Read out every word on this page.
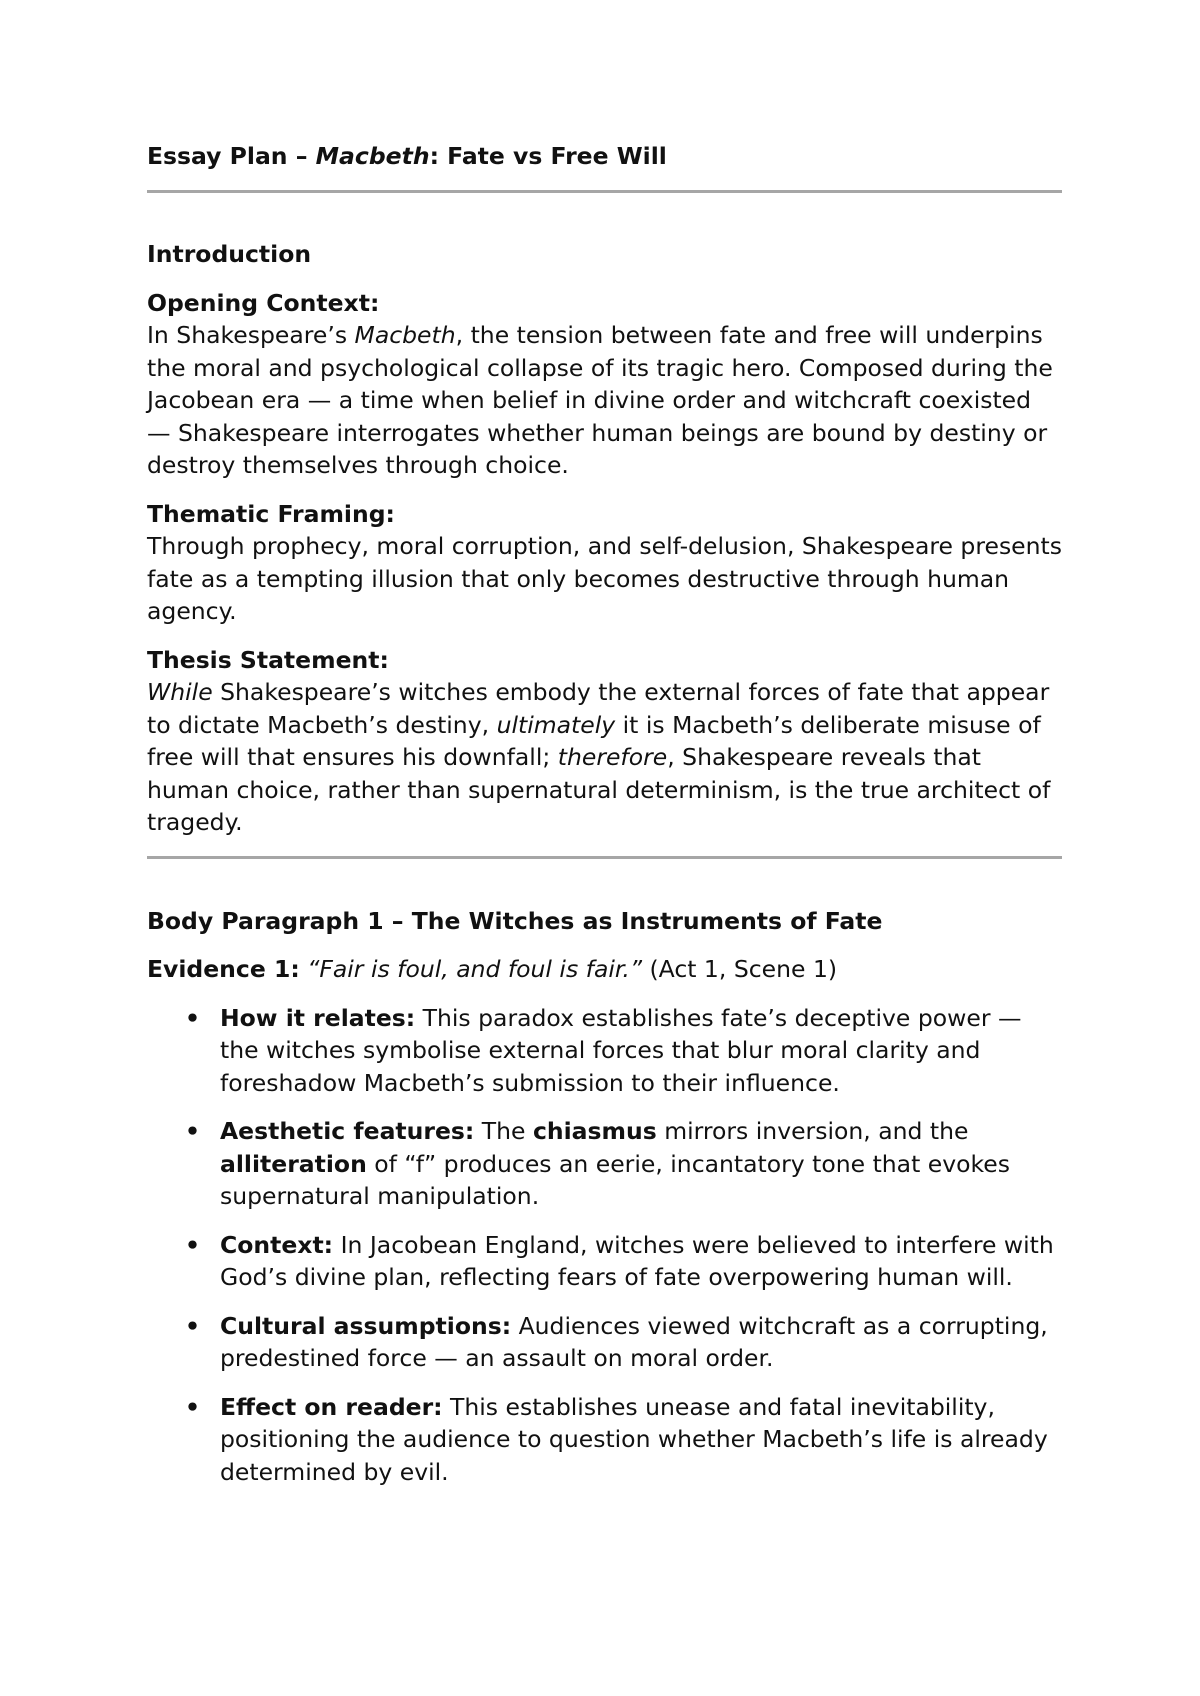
Essay Plan – Macbeth: Fate vs Free Will

Introduction

Opening Context:
In Shakespeare’s Macbeth, the tension between fate and free will underpins the moral and psychological collapse of its tragic hero. Composed during the Jacobean era — a time when belief in divine order and witchcraft coexisted — Shakespeare interrogates whether human beings are bound by destiny or destroy themselves through choice.

Thematic Framing:
Through prophecy, moral corruption, and self-delusion, Shakespeare presents fate as a tempting illusion that only becomes destructive through human agency.

Thesis Statement:
While Shakespeare’s witches embody the external forces of fate that appear to dictate Macbeth’s destiny, ultimately it is Macbeth’s deliberate misuse of free will that ensures his downfall; therefore, Shakespeare reveals that human choice, rather than supernatural determinism, is the true architect of tragedy.

Body Paragraph 1 – The Witches as Instruments of Fate

Evidence 1: “Fair is foul, and foul is fair.” (Act 1, Scene 1)

• How it relates: This paradox establishes fate’s deceptive power — the witches symbolise external forces that blur moral clarity and foreshadow Macbeth’s submission to their influence.
• Aesthetic features: The chiasmus mirrors inversion, and the alliteration of “f” produces an eerie, incantatory tone that evokes supernatural manipulation.
• Context: In Jacobean England, witches were believed to interfere with God’s divine plan, reflecting fears of fate overpowering human will.
• Cultural assumptions: Audiences viewed witchcraft as a corrupting, predestined force — an assault on moral order.
• Effect on reader: This establishes unease and fatal inevitability, positioning the audience to question whether Macbeth’s life is already determined by evil.
